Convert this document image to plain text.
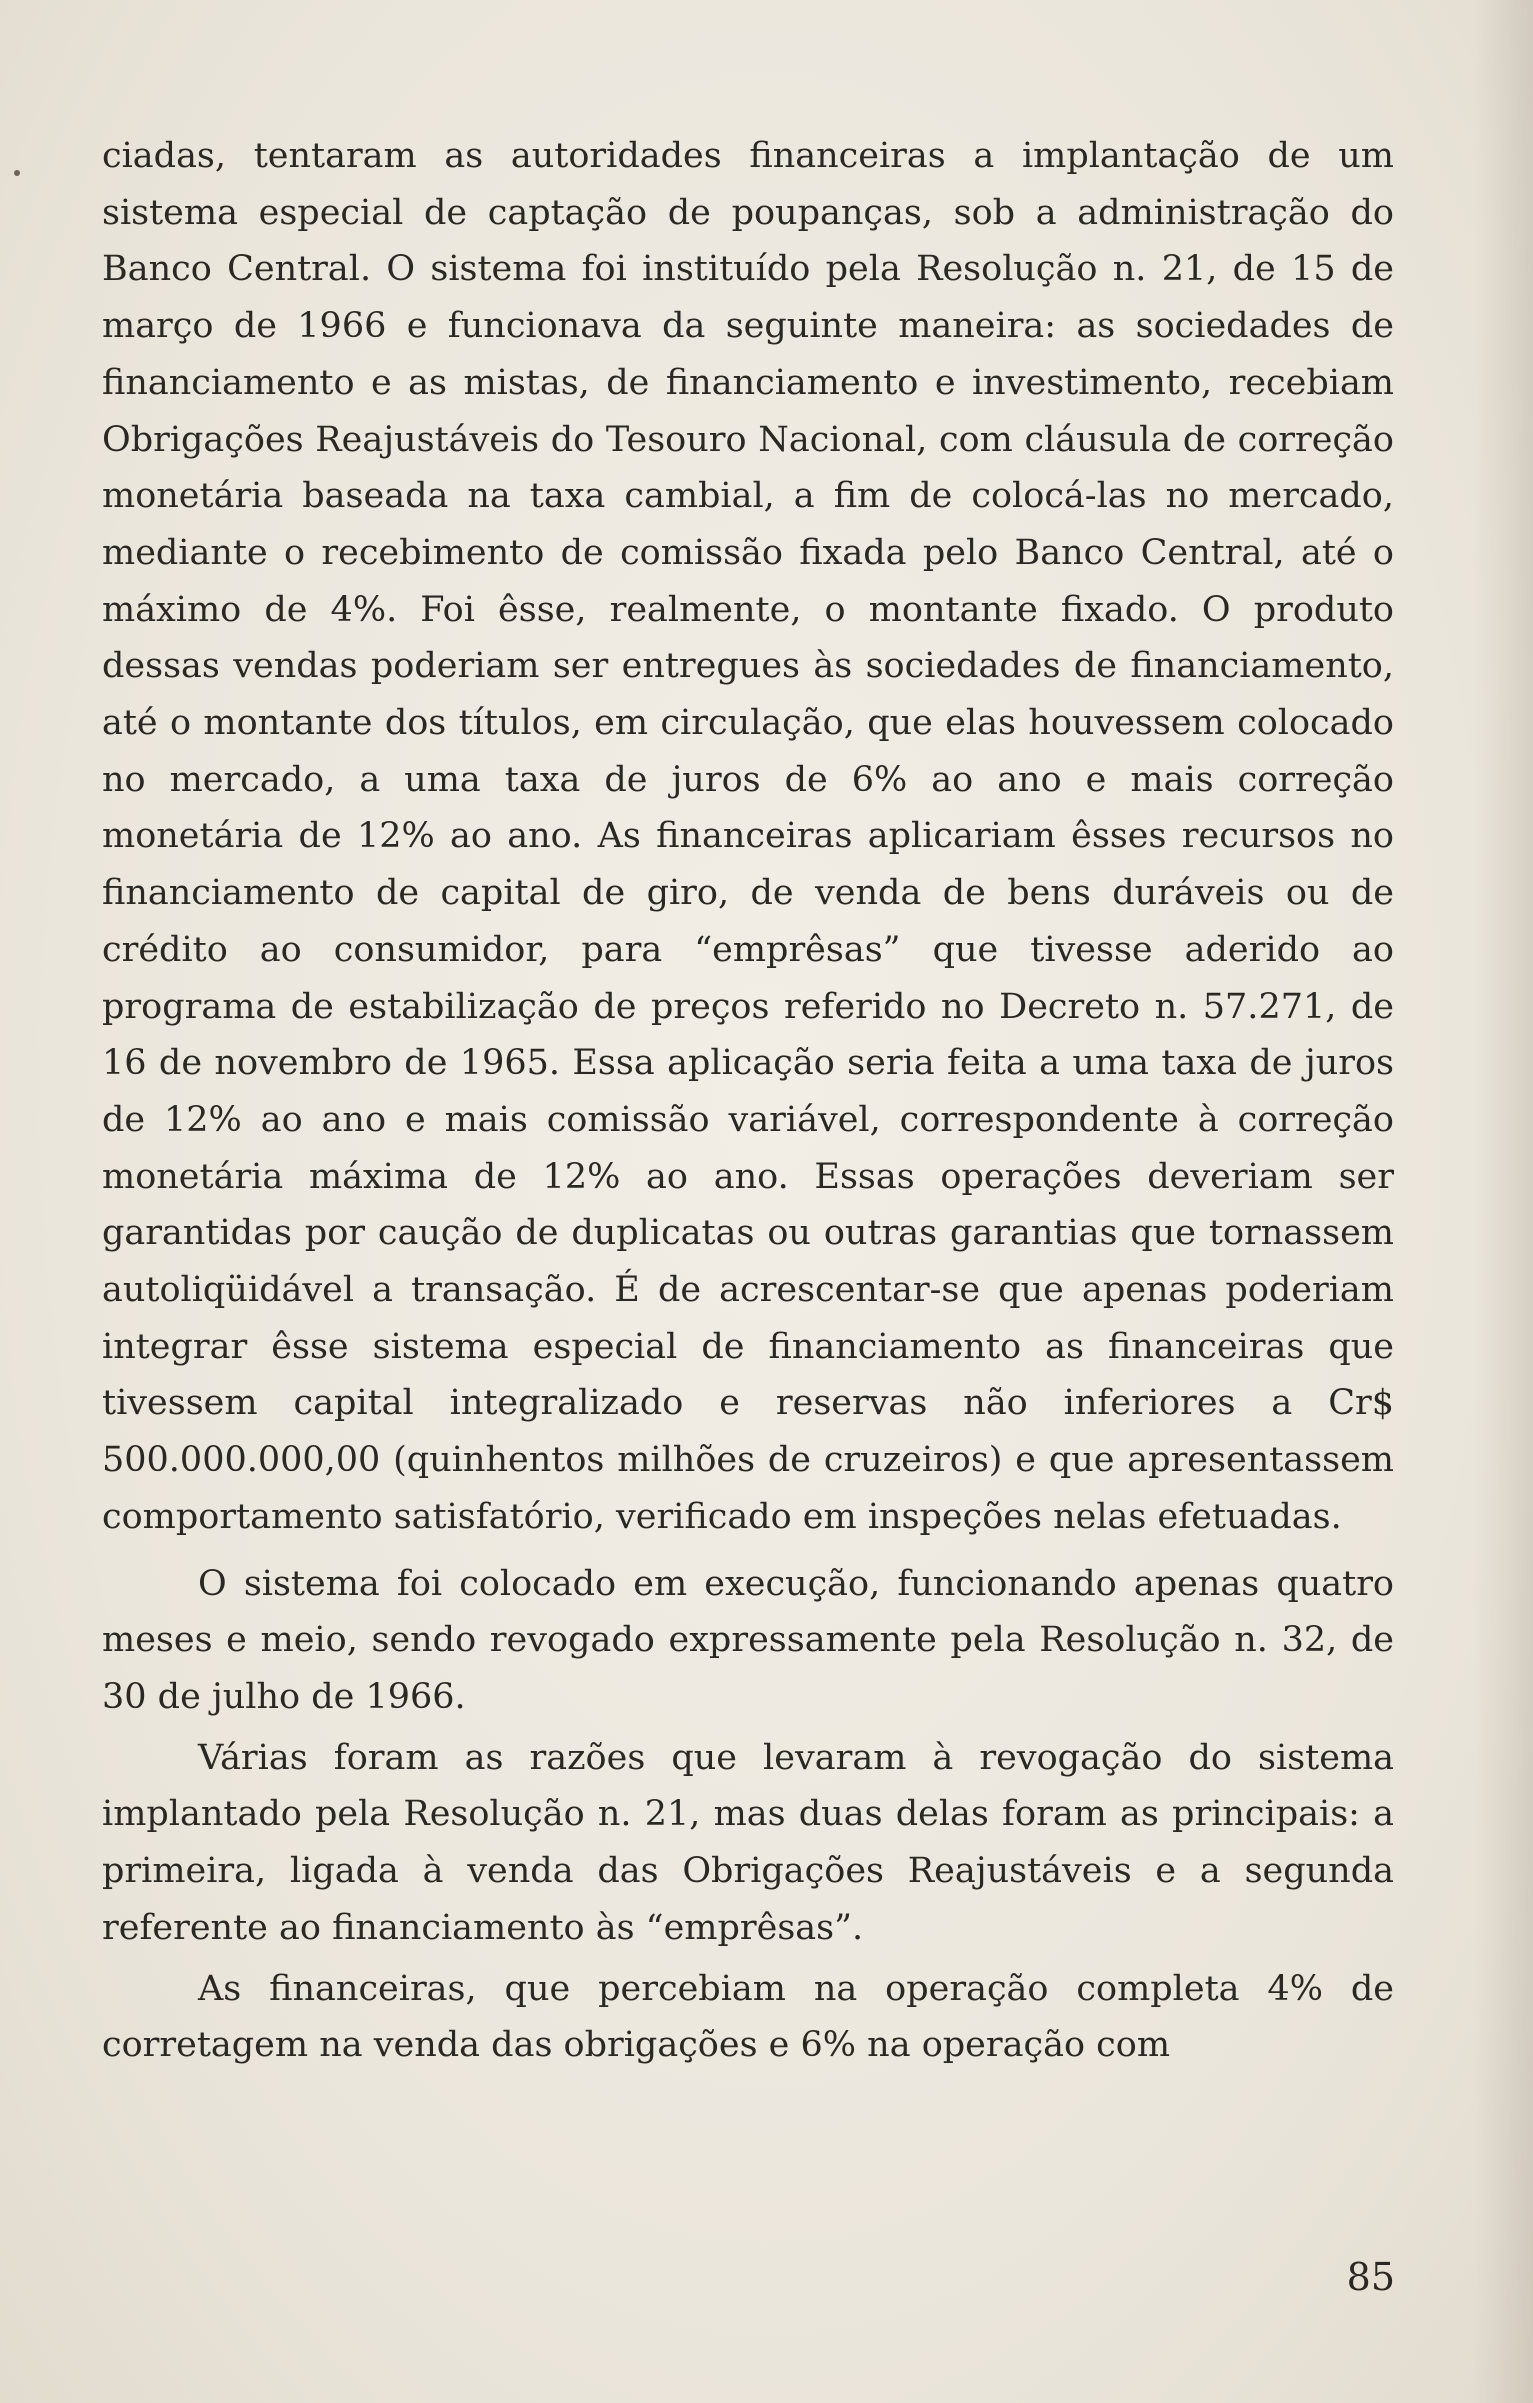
ciadas, tentaram as autoridades financeiras a implantação de um sistema especial de captação de poupanças, sob a administração do Banco Central. O sistema foi instituído pela Resolução n. 21, de 15 de março de 1966 e funcionava da seguinte maneira: as sociedades de financiamento e as mistas, de financiamento e investimento, recebiam Obrigações Reajustáveis do Tesouro Nacional, com cláusula de correção monetária baseada na taxa cambial, a fim de colocá-las no mercado, mediante o recebimento de comissão fixada pelo Banco Central, até o máximo de 4%. Foi êsse, realmente, o montante fixado. O produto dessas vendas poderiam ser entregues às sociedades de financiamento, até o montante dos títulos, em circulação, que elas houvessem colocado no mercado, a uma taxa de juros de 6% ao ano e mais correção monetária de 12% ao ano. As financeiras aplicariam êsses recursos no financiamento de capital de giro, de venda de bens duráveis ou de crédito ao consumidor, para “emprêsas” que tivesse aderido ao programa de estabilização de preços referido no Decreto n. 57.271, de 16 de novembro de 1965. Essa aplicação seria feita a uma taxa de juros de 12% ao ano e mais comissão variável, correspondente à correção monetária máxima de 12% ao ano. Essas operações deveriam ser garantidas por caução de duplicatas ou outras garantias que tornassem autoliqüidável a transação. É de acrescentar-se que apenas poderiam integrar êsse sistema especial de financiamento as financeiras que tivessem capital integralizado e reservas não inferiores a Cr$ 500.000.000,00 (quinhentos milhões de cruzeiros) e que apresentassem comportamento satisfatório, verificado em inspeções nelas efetuadas.

O sistema foi colocado em execução, funcionando apenas quatro meses e meio, sendo revogado expressamente pela Resolução n. 32, de 30 de julho de 1966.

Várias foram as razões que levaram à revogação do sistema implantado pela Resolução n. 21, mas duas delas foram as principais: a primeira, ligada à venda das Obrigações Reajustáveis e a segunda referente ao financiamento às “emprêsas”.

As financeiras, que percebiam na operação completa 4% de corretagem na venda das obrigações e 6% na operação com

85
